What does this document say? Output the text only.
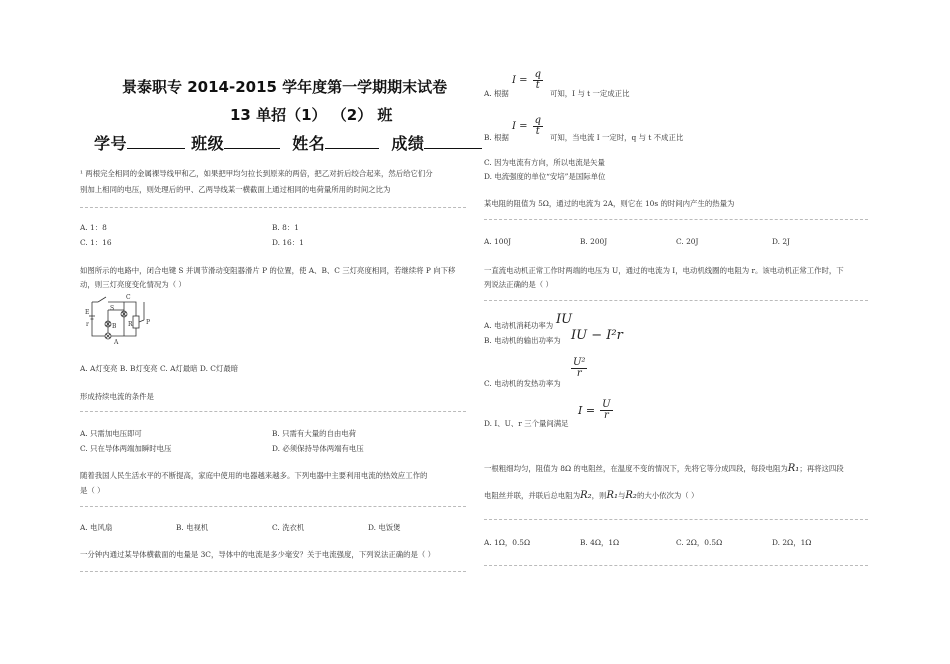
景泰职专 2014-2015 学年度第一学期期末试卷
13 单招（1） （2） 班
学号	班级	姓名	成绩
¹ 两根完全相同的金属裸导线甲和乙，如果把甲均匀拉长到原来的两倍，把乙对折后绞合起来，然后给它们分
别加上相同的电压，则处理后的甲、乙两导线某一横截面上通过相同的电荷量所用的时间之比为
A. 1：8	B. 8：1
C. 1：16	D. 16：1
如图所示的电路中，闭合电键 S 并调节滑动变阻器滑片 P 的位置，使 A、B、C 三灯亮度相同，若继续将 P 向下移
动，则三灯亮度变化情况为（ ）
S
C
E
r
A
B R P
A. A灯变亮 B. B灯变亮 C. A灯最暗 D. C灯最暗
形成持续电流的条件是
A. 只需加电压即可	B. 只需有大量的自由电荷
C. 只在导体两端加瞬时电压	D. 必须保持导体两端有电压
随着我国人民生活水平的不断提高，家庭中使用的电器越来越多。下列电器中主要利用电流的热效应工作的
是（ ）
A. 电风扇	B. 电视机	C. 洗衣机	D. 电饭煲
一分钟内通过某导体横截面的电量是 3C，导体中的电流是多少毫安？关于电流强度，下列说法正确的是（ ）
$I = \frac{q}{t}$
A. 根据	可知，I 与 t 一定成正比
$I = \frac{q}{t}$
B. 根据	可知，当电流 I 一定时，q 与 t 不成正比
C. 因为电流有方向，所以电流是矢量
D. 电流强度的单位“安培”是国际单位
某电阻的阻值为 5Ω，通过的电流为 2A，则它在 10s 的时间内产生的热量为
A. 100J	B. 200J	C. 20J	D. 2J
一直流电动机正常工作时两端的电压为 U，通过的电流为 I，电动机线圈的电阻为 r。该电动机正常工作时，下
列说法正确的是（ ）
A. 电动机消耗功率为 IU
B. 电动机的输出功率为 IU − I²r
C. 电动机的发热功率为
$\frac{\text{U²}}{r}$
D. I、U、r 三个量间满足
$I = \frac{U}{r}$
一根粗细均匀，阻值为 8Ω 的电阻丝，在温度不变的情况下，先将它等分成四段，每段电阻为R₁；再将这四段
电阻丝并联，并联后总电阻为R₂，则R₁与R₂的大小依次为（ ）
A. 1Ω，0.5Ω	B. 4Ω，1Ω	C. 2Ω，0.5Ω	D. 2Ω，1Ω
